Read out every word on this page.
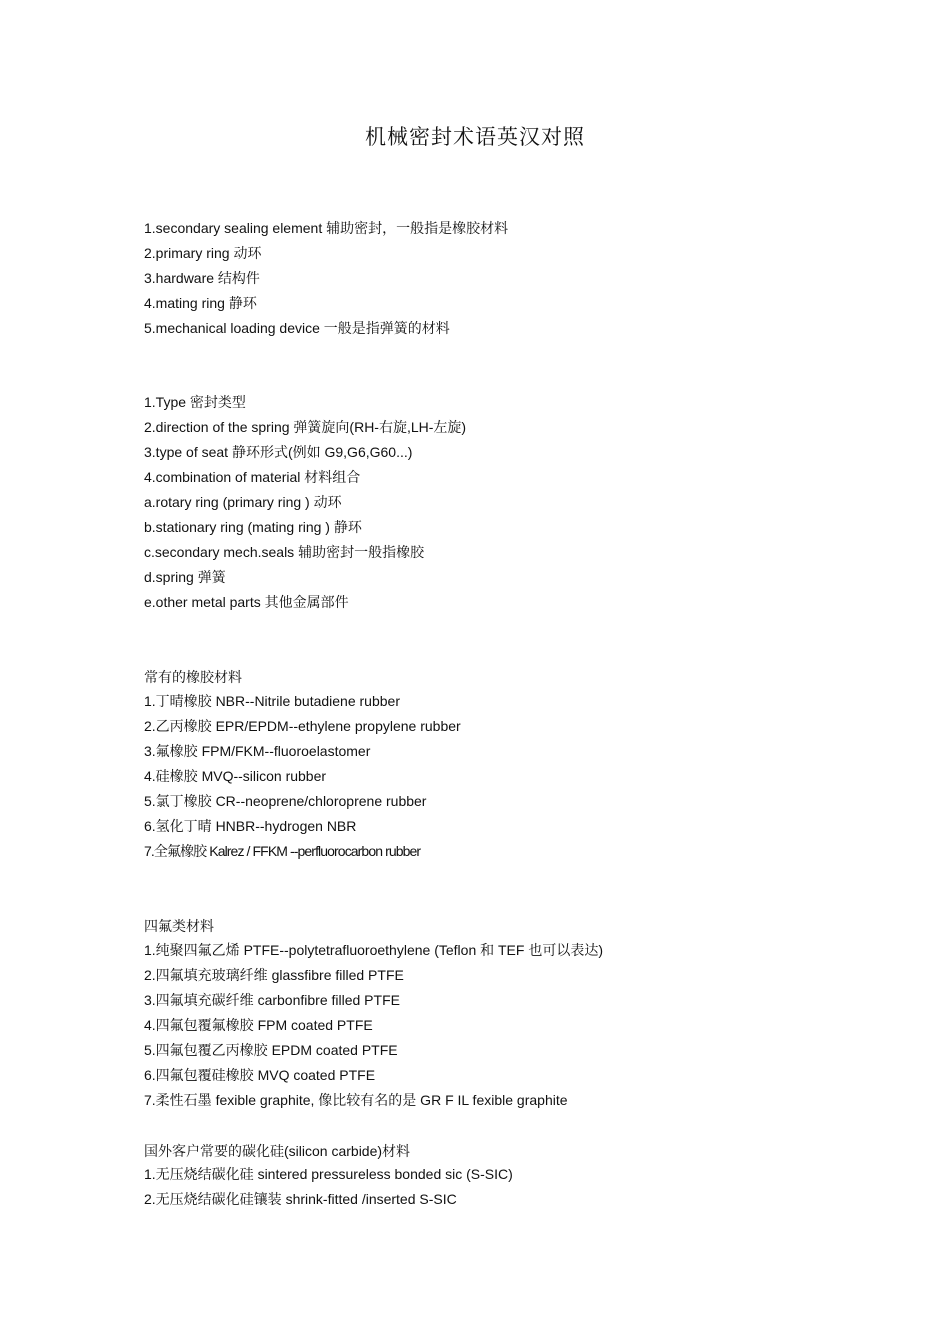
机械密封术语英汉对照
1.secondary sealing element 辅助密封，一般指是橡胶材料
2.primary ring 动环
3.hardware 结构件
4.mating ring 静环
5.mechanical loading device 一般是指弹簧的材料
1.Type 密封类型
2.direction of the spring 弹簧旋向(RH-右旋,LH-左旋)
3.type of seat 静环形式(例如 G9,G6,G60...)
4.combination of material 材料组合
a.rotary ring (primary ring ) 动环
b.stationary ring (mating ring ) 静环
c.secondary mech.seals 辅助密封一般指橡胶
d.spring 弹簧
e.other metal parts 其他金属部件
常有的橡胶材料
1.丁晴橡胶 NBR--Nitrile butadiene rubber
2.乙丙橡胶 EPR/EPDM--ethylene propylene rubber
3.氟橡胶 FPM/FKM--fluoroelastomer
4.硅橡胶 MVQ--silicon rubber
5.氯丁橡胶 CR--neoprene/chloroprene rubber
6.氢化丁晴 HNBR--hydrogen NBR
7.全氟橡胶 Kalrez / FFKM --perfluorocarbon rubber
四氟类材料
1.纯聚四氟乙烯 PTFE--polytetrafluoroethylene (Teflon 和 TEF 也可以表达)
2.四氟填充玻璃纤维 glassfibre filled PTFE
3.四氟填充碳纤维 carbonfibre filled PTFE
4.四氟包覆氟橡胶 FPM coated PTFE
5.四氟包覆乙丙橡胶 EPDM coated PTFE
6.四氟包覆硅橡胶 MVQ coated PTFE
7.柔性石墨 fexible graphite, 像比较有名的是 GR F IL fexible graphite
国外客户常要的碳化硅(silicon carbide)材料
1.无压烧结碳化硅 sintered pressureless bonded sic (S-SIC)
2.无压烧结碳化硅镶装 shrink-fitted /inserted S-SIC
